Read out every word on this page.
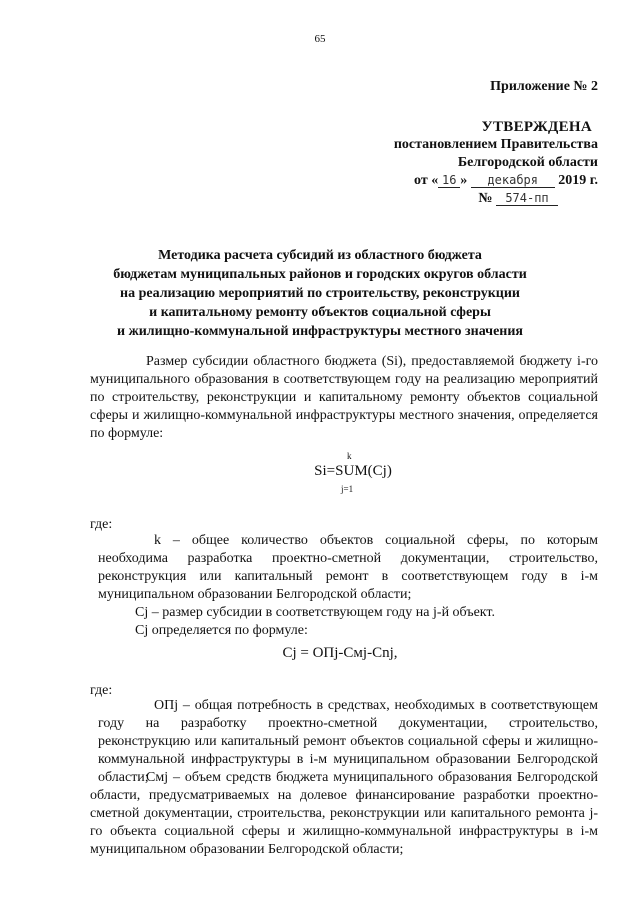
65
Приложение № 2
УТВЕРЖДЕНА
постановлением Правительства
Белгородской области
от « 16 » декабря 2019 г.
№ 574-пп
Методика расчета субсидий из областного бюджета
бюджетам муниципальных районов и городских округов области
на реализацию мероприятий по строительству, реконструкции
и капитальному ремонту объектов социальной сферы
и жилищно-коммунальной инфраструктуры местного значения
Размер субсидии областного бюджета (Si), предоставляемой бюджету i-го муниципального образования в соответствующем году на реализацию мероприятий по строительству, реконструкции и капитальному ремонту объектов социальной сферы и жилищно-коммунальной инфраструктуры местного значения, определяется по формуле:
k
Si=SUM(Cj)
j=1
где:
k – общее количество объектов социальной сферы, по которым необходима разработка проектно-сметной документации, строительство, реконструкция или капитальный ремонт в соответствующем году в i-м муниципальном образовании Белгородской области;
Cj – размер субсидии в соответствующем году на j-й объект.
Cj определяется по формуле:
Cj = ОПj-Смj-Cnj,
где:
ОПj – общая потребность в средствах, необходимых в соответствующем году на разработку проектно-сметной документации, строительство, реконструкцию или капитальный ремонт объектов социальной сферы и жилищно-коммунальной инфраструктуры в i-м муниципальном образовании Белгородской области;
Смj – объем средств бюджета муниципального образования Белгородской области, предусматриваемых на долевое финансирование разработки проектно-сметной документации, строительства, реконструкции или капитального ремонта j-го объекта социальной сферы и жилищно-коммунальной инфраструктуры в i-м муниципальном образовании Белгородской области;
